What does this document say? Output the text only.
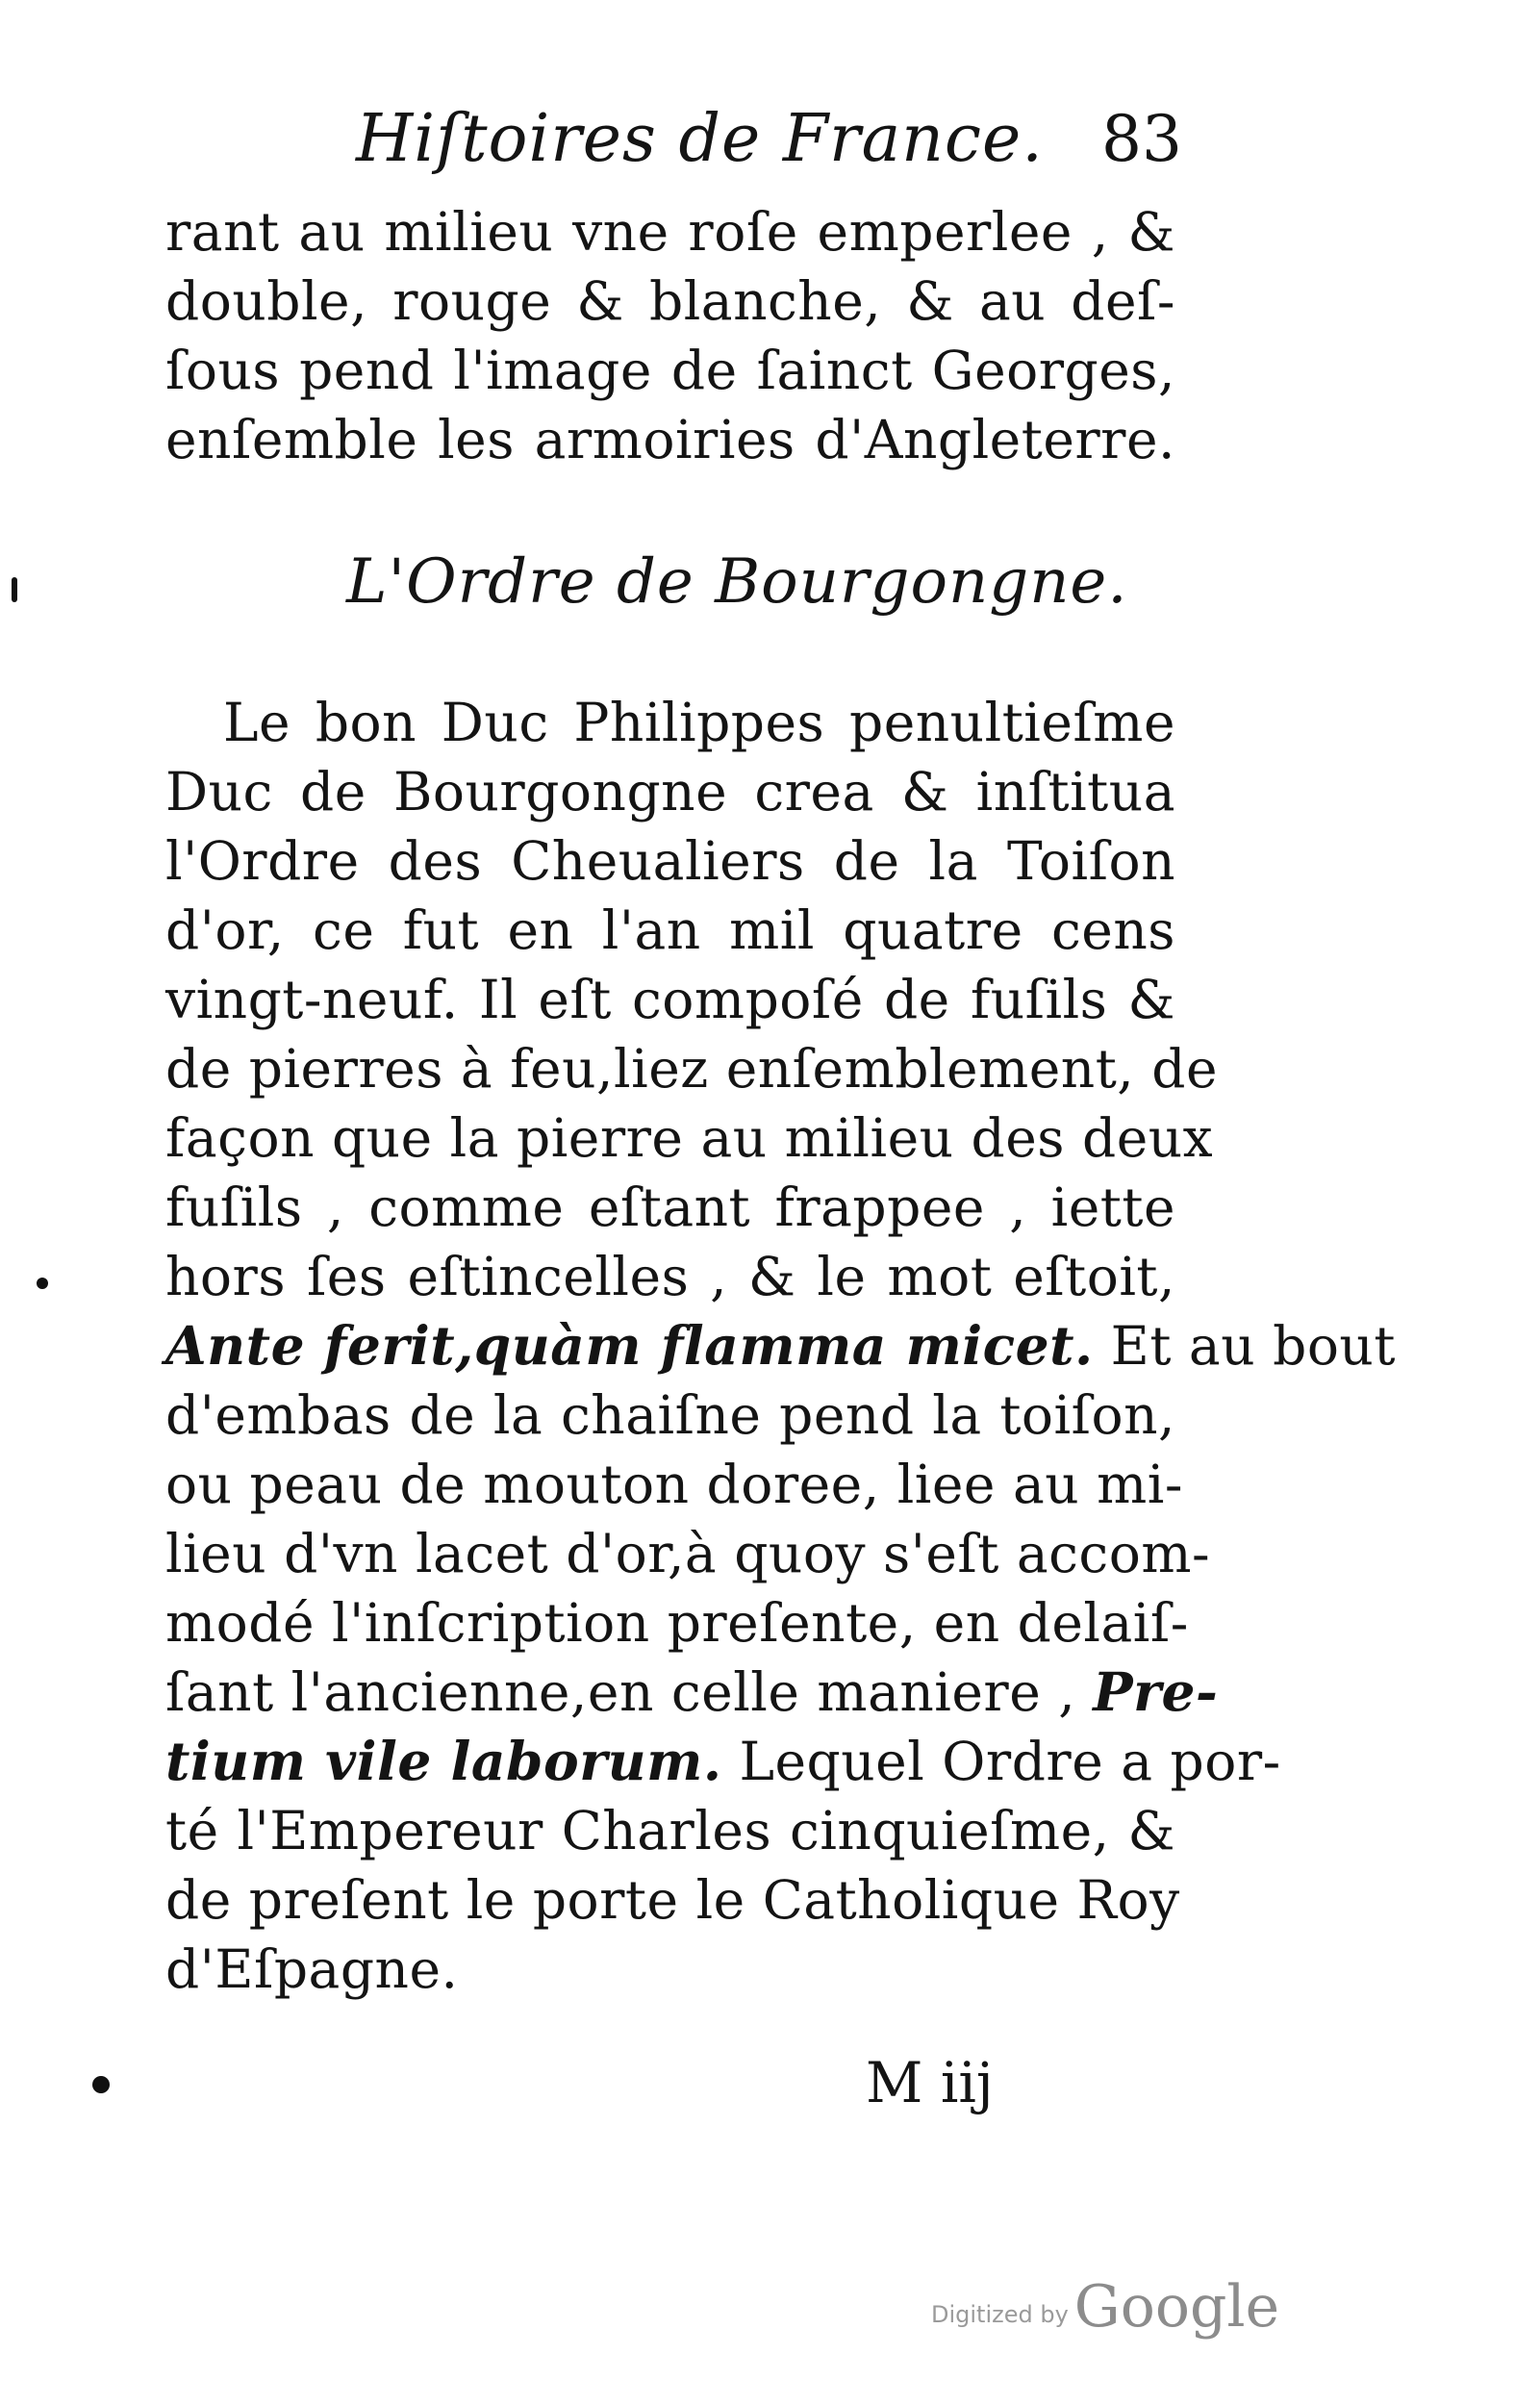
Hiſtoires de France. 83
rant au milieu vne roſe emperlee , &
double, rouge & blanche, & au deſ-
ſous pend l'image de ſainct Georges,
enſemble les armoiries d'Angleterre.
L'Ordre de Bourgongne.
Le bon Duc Philippes penultieſme
Duc de Bourgongne crea & inſtitua
l'Ordre des Cheualiers de la Toiſon
d'or, ce fut en l'an mil quatre cens
vingt-neuf. Il eſt compoſé de fuſils &
de pierres à feu,liez enſemblement, de
façon que la pierre au milieu des deux
fuſils , comme eſtant frappee , iette
hors ſes eſtincelles , & le mot eſtoit,
Ante ferit,quàm flamma micet. Et au bout
d'embas de la chaiſne pend la toiſon,
ou peau de mouton doree, liee au mi-
lieu d'vn lacet d'or,à quoy s'eſt accom-
modé l'inſcription preſente, en delaiſ-
ſant l'ancienne,en celle maniere , Pre-
tium vile laborum. Lequel Ordre a por-
té l'Empereur Charles cinquieſme, &
de preſent le porte le Catholique Roy
d'Eſpagne.
M iij
Digitized by Google
